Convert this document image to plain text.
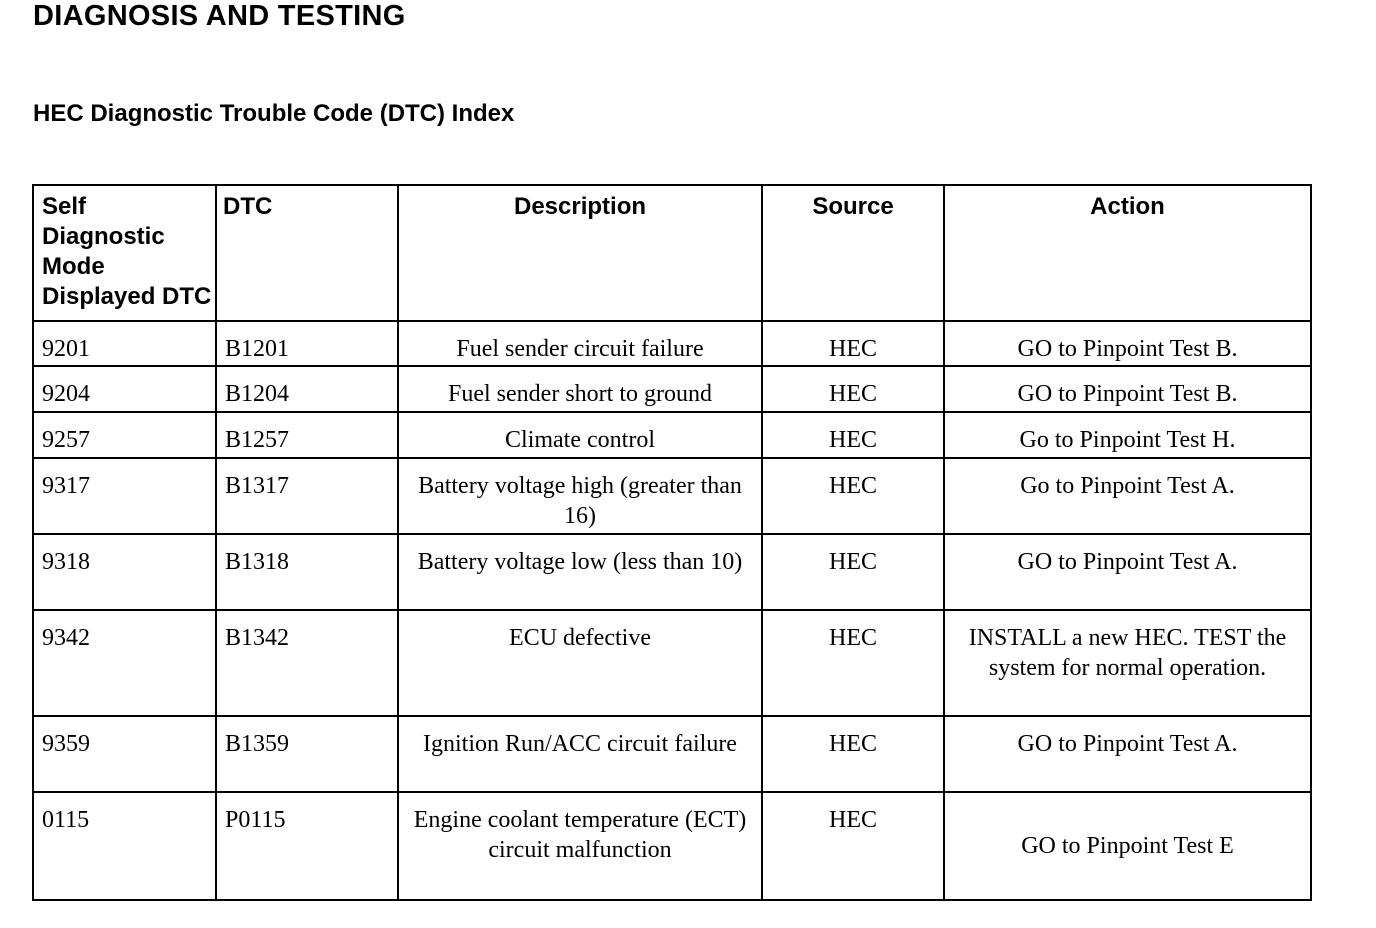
DIAGNOSIS AND TESTING
HEC Diagnostic Trouble Code (DTC) Index
Self Diagnostic Mode Displayed DTC	DTC	Description	Source	Action
9201	B1201	Fuel sender circuit failure	HEC	GO to Pinpoint Test B.
9204	B1204	Fuel sender short to ground	HEC	GO to Pinpoint Test B.
9257	B1257	Climate control	HEC	Go to Pinpoint Test H.
9317	B1317	Battery voltage high (greater than 16)	HEC	Go to Pinpoint Test A.
9318	B1318	Battery voltage low (less than 10)	HEC	GO to Pinpoint Test A.
9342	B1342	ECU defective	HEC	INSTALL a new HEC. TEST the system for normal operation.
9359	B1359	Ignition Run/ACC circuit failure	HEC	GO to Pinpoint Test A.
0115	P0115	Engine coolant temperature (ECT) circuit malfunction	HEC	GO to Pinpoint Test E
